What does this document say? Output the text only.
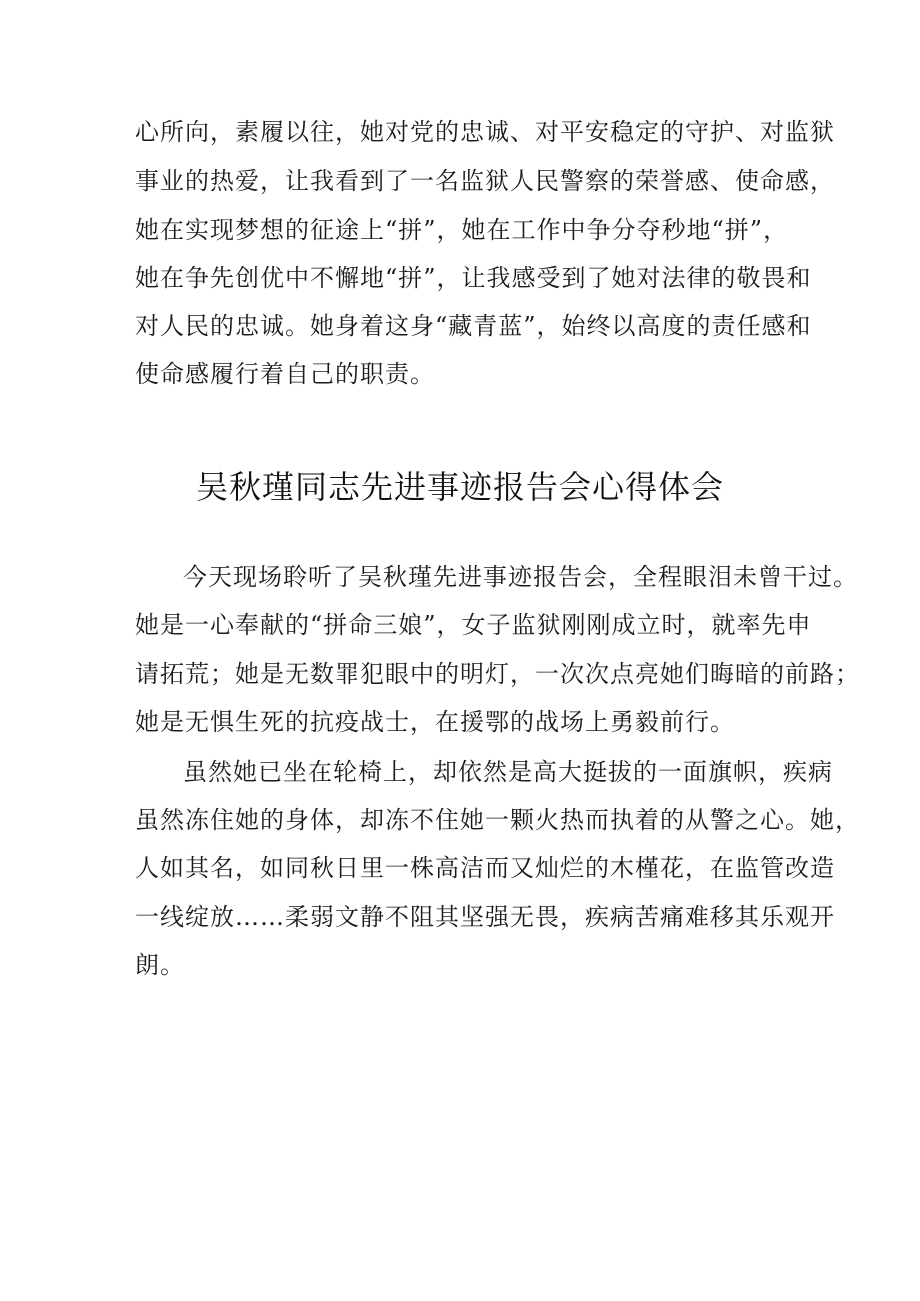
心所向，素履以往，她对党的忠诚、对平安稳定的守护、对监狱
事业的热爱，让我看到了一名监狱人民警察的荣誉感、使命感，
她在实现梦想的征途上“拼”，她在工作中争分夺秒地“拼”，
她在争先创优中不懈地“拼”，让我感受到了她对法律的敬畏和
对人民的忠诚。她身着这身“藏青蓝”，始终以高度的责任感和
使命感履行着自己的职责。
吴秋瑾同志先进事迹报告会心得体会
今天现场聆听了吴秋瑾先进事迹报告会，全程眼泪未曾干过。
她是一心奉献的“拼命三娘”，女子监狱刚刚成立时，就率先申
请拓荒；她是无数罪犯眼中的明灯，一次次点亮她们晦暗的前路；
她是无惧生死的抗疫战士，在援鄂的战场上勇毅前行。
虽然她已坐在轮椅上，却依然是高大挺拔的一面旗帜，疾病
虽然冻住她的身体，却冻不住她一颗火热而执着的从警之心。她，
人如其名，如同秋日里一株高洁而又灿烂的木槿花，在监管改造
一线绽放……柔弱文静不阻其坚强无畏，疾病苦痛难移其乐观开
朗。
